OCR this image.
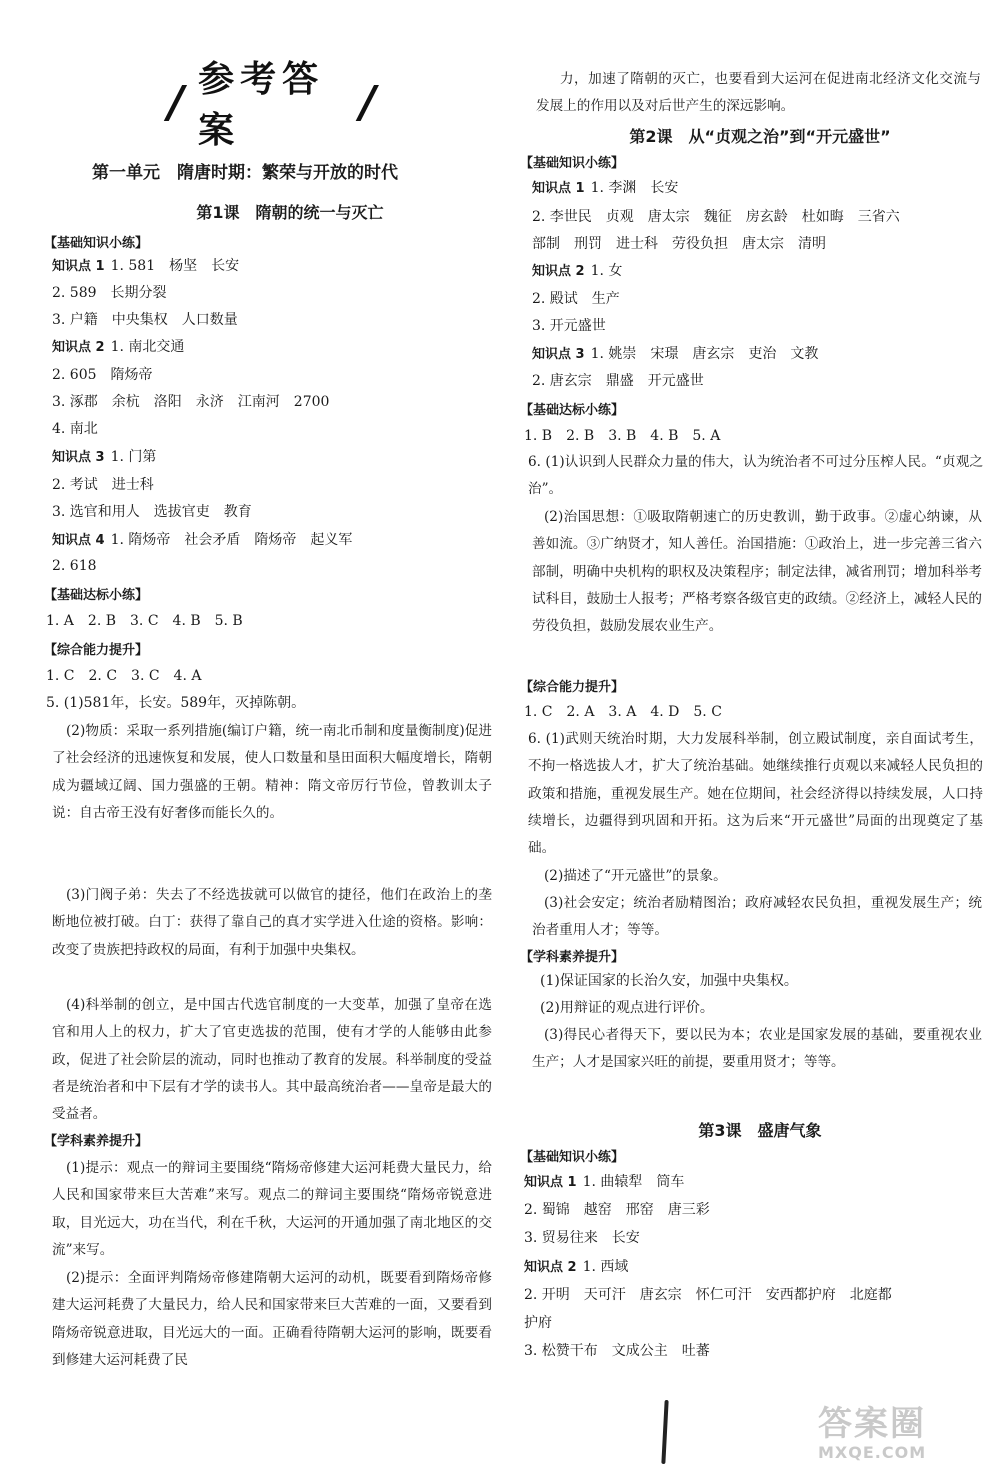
/ 参考答案
/
第一单元　隋唐时期：繁荣与开放的时代
第1课　隋朝的统一与灭亡
【基础知识小练】
知识点 1 1. 581　杨坚　长安
2. 589　长期分裂
3. 户籍　中央集权　人口数量
知识点 2 1. 南北交通
2. 605　隋炀帝
3. 涿郡　余杭　洛阳　永济　江南河　2700
4. 南北
知识点 3 1. 门第
2. 考试　进士科
3. 选官和用人　选拔官吏　教育
知识点 4 1. 隋炀帝　社会矛盾　隋炀帝　起义军
2. 618
【基础达标小练】
1. A　2. B　3. C　4. B　5. B
【综合能力提升】
1. C　2. C　3. C　4. A
5. (1)581年，长安。589年，灭掉陈朝。
(2)物质：采取一系列措施(编订户籍，统一南北币制和度量衡制度)促进了社会经济的迅速恢复和发展，使人口数量和垦田面积大幅度增长，隋朝成为疆域辽阔、国力强盛的王朝。精神：隋文帝厉行节俭，曾教训太子说：自古帝王没有好奢侈而能长久的。
(3)门阀子弟：失去了不经选拔就可以做官的捷径，他们在政治上的垄断地位被打破。白丁：获得了靠自己的真才实学进入仕途的资格。影响：改变了贵族把持政权的局面，有利于加强中央集权。
(4)科举制的创立，是中国古代选官制度的一大变革，加强了皇帝在选官和用人上的权力，扩大了官吏选拔的范围，使有才学的人能够由此参政，促进了社会阶层的流动，同时也推动了教育的发展。科举制度的受益者是统治者和中下层有才学的读书人。其中最高统治者——皇帝是最大的受益者。
【学科素养提升】
(1)提示：观点一的辩词主要围绕“隋炀帝修建大运河耗费大量民力，给人民和国家带来巨大苦难”来写。观点二的辩词主要围绕“隋炀帝锐意进取，目光远大，功在当代，利在千秋，大运河的开通加强了南北地区的交流”来写。
(2)提示：全面评判隋炀帝修建隋朝大运河的动机，既要看到隋炀帝修建大运河耗费了大量民力，给人民和国家带来巨大苦难的一面，又要看到隋炀帝锐意进取，目光远大的一面。正确看待隋朝大运河的影响，既要看到修建大运河耗费了民
力，加速了隋朝的灭亡，也要看到大运河在促进南北经济文化交流与发展上的作用以及对后世产生的深远影响。
第2课　从“贞观之治”到“开元盛世”
【基础知识小练】
知识点 1 1. 李渊　长安
2. 李世民　贞观　唐太宗　魏征　房玄龄　杜如晦　三省六
部制　刑罚　进士科　劳役负担　唐太宗　清明
知识点 2 1. 女
2. 殿试　生产
3. 开元盛世
知识点 3 1. 姚崇　宋璟　唐玄宗　吏治　文教
2. 唐玄宗　鼎盛　开元盛世
【基础达标小练】
1. B　2. B　3. B　4. B　5. A
6. (1)认识到人民群众力量的伟大，认为统治者不可过分压榨人民。“贞观之治”。
(2)治国思想：①吸取隋朝速亡的历史教训，勤于政事。②虚心纳谏，从善如流。③广纳贤才，知人善任。治国措施：①政治上，进一步完善三省六部制，明确中央机构的职权及决策程序；制定法律，减省刑罚；增加科举考试科目，鼓励士人报考；严格考察各级官吏的政绩。②经济上，减轻人民的劳役负担，鼓励发展农业生产。
【综合能力提升】
1. C　2. A　3. A　4. D　5. C
6. (1)武则天统治时期，大力发展科举制，创立殿试制度，亲自面试考生，不拘一格选拔人才，扩大了统治基础。她继续推行贞观以来减轻人民负担的政策和措施，重视发展生产。她在位期间，社会经济得以持续发展，人口持续增长，边疆得到巩固和开拓。这为后来“开元盛世”局面的出现奠定了基础。
(2)描述了“开元盛世”的景象。
(3)社会安定；统治者励精图治；政府减轻农民负担，重视发展生产；统治者重用人才；等等。
【学科素养提升】
(1)保证国家的长治久安，加强中央集权。
(2)用辩证的观点进行评价。
(3)得民心者得天下，要以民为本；农业是国家发展的基础，要重视农业生产；人才是国家兴旺的前提，要重用贤才；等等。
第3课　盛唐气象
【基础知识小练】
知识点 1 1. 曲辕犁　筒车
2. 蜀锦　越窑　邢窑　唐三彩
3. 贸易往来　长安
知识点 2 1. 西域
2. 开明　天可汗　唐玄宗　怀仁可汗　安西都护府　北庭都
护府
3. 松赞干布　文成公主　吐蕃
答案圈
MXQE.COM
